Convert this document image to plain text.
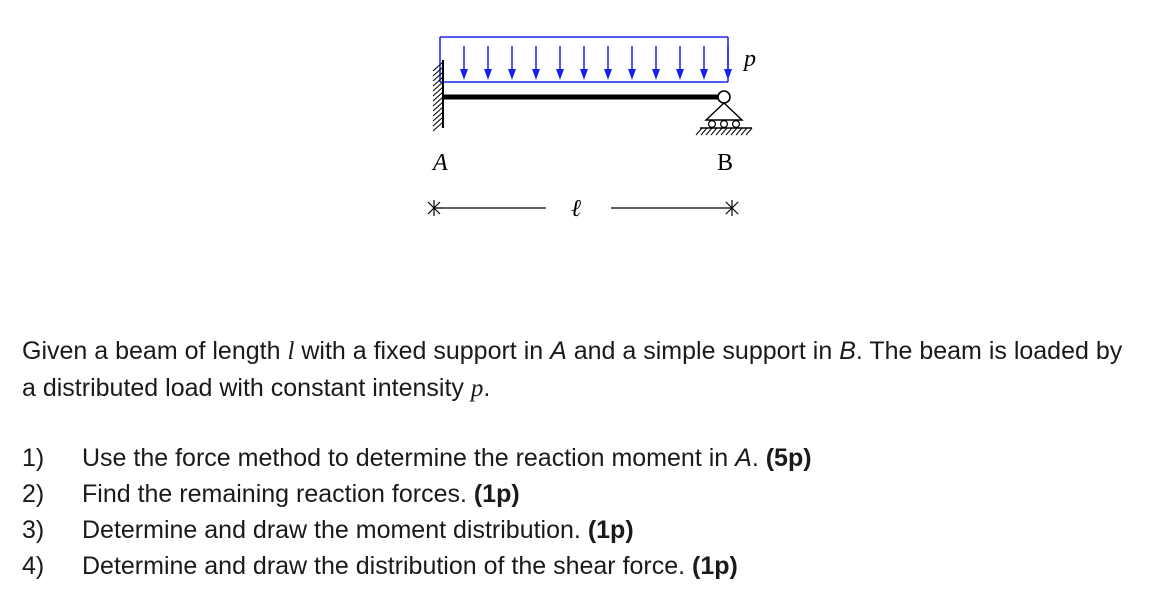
p
A	B
ℓ

Given a beam of length l with a fixed support in A and a simple support in B. The beam is loaded by a distributed load with constant intensity p.

1)	Use the force method to determine the reaction moment in A. (5p)
2)	Find the remaining reaction forces. (1p)
3)	Determine and draw the moment distribution. (1p)
4)	Determine and draw the distribution of the shear force. (1p)
